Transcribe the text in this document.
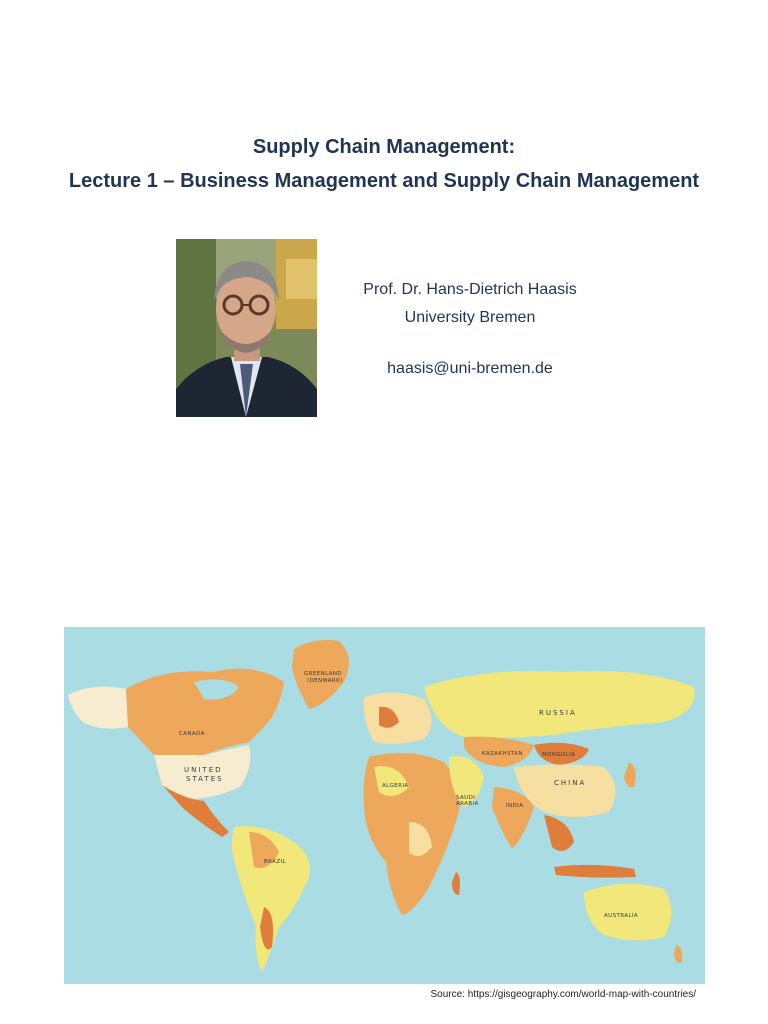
Supply Chain Management:
Lecture 1 – Business Management and Supply Chain Management
Prof. Dr. Hans-Dietrich Haasis
University Bremen
haasis@uni-bremen.de
GREENLAND
(DENMARK)
RUSSIA
CANADA
UNITED
STATES
KAZAKHSTAN	MONGOLIA
CHINA
INDIA
ALGERIA
SAUDI
ARABIA
BRAZIL
AUSTRALIA
Source: https://gisgeography.com/world-map-with-countries/
